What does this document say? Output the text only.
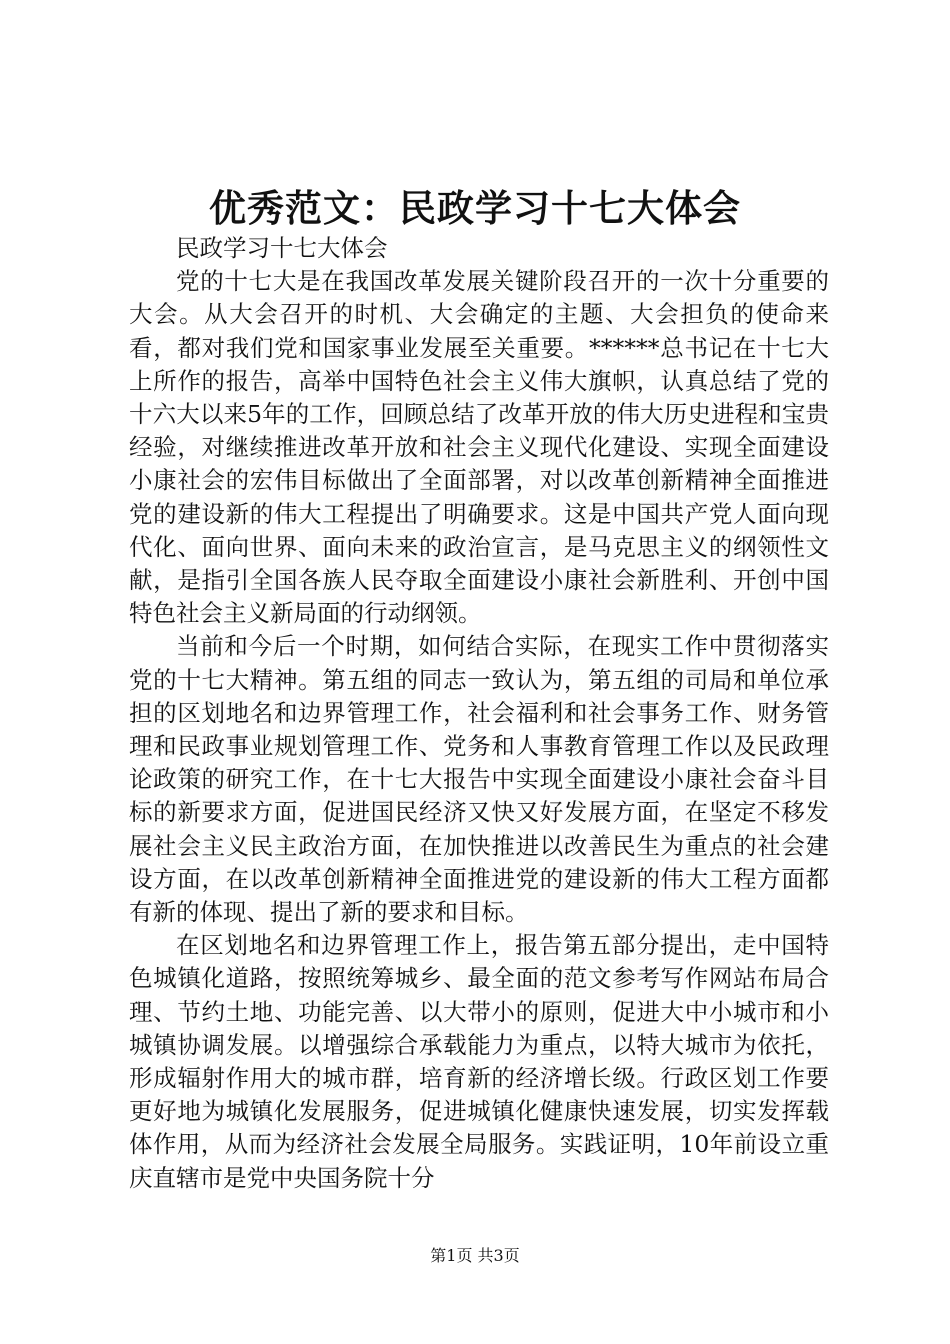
优秀范文：民政学习十七大体会

民政学习十七大体会

党的十七大是在我国改革发展关键阶段召开的一次十分重要的大会。从大会召开的时机、大会确定的主题、大会担负的使命来看，都对我们党和国家事业发展至关重要。******总书记在十七大上所作的报告，高举中国特色社会主义伟大旗帜，认真总结了党的十六大以来5年的工作，回顾总结了改革开放的伟大历史进程和宝贵经验，对继续推进改革开放和社会主义现代化建设、实现全面建设小康社会的宏伟目标做出了全面部署，对以改革创新精神全面推进党的建设新的伟大工程提出了明确要求。这是中国共产党人面向现代化、面向世界、面向未来的政治宣言，是马克思主义的纲领性文献，是指引全国各族人民夺取全面建设小康社会新胜利、开创中国特色社会主义新局面的行动纲领。

当前和今后一个时期，如何结合实际，在现实工作中贯彻落实党的十七大精神。第五组的同志一致认为，第五组的司局和单位承担的区划地名和边界管理工作，社会福利和社会事务工作、财务管理和民政事业规划管理工作、党务和人事教育管理工作以及民政理论政策的研究工作，在十七大报告中实现全面建设小康社会奋斗目标的新要求方面，促进国民经济又快又好发展方面，在坚定不移发展社会主义民主政治方面，在加快推进以改善民生为重点的社会建设方面，在以改革创新精神全面推进党的建设新的伟大工程方面都有新的体现、提出了新的要求和目标。

在区划地名和边界管理工作上，报告第五部分提出，走中国特色城镇化道路，按照统筹城乡、最全面的范文参考写作网站布局合理、节约土地、功能完善、以大带小的原则，促进大中小城市和小城镇协调发展。以增强综合承载能力为重点，以特大城市为依托，形成辐射作用大的城市群，培育新的经济增长级。行政区划工作要更好地为城镇化发展服务，促进城镇化健康快速发展，切实发挥载体作用，从而为经济社会发展全局服务。实践证明，10年前设立重庆直辖市是党中央国务院十分

第1页 共3页
